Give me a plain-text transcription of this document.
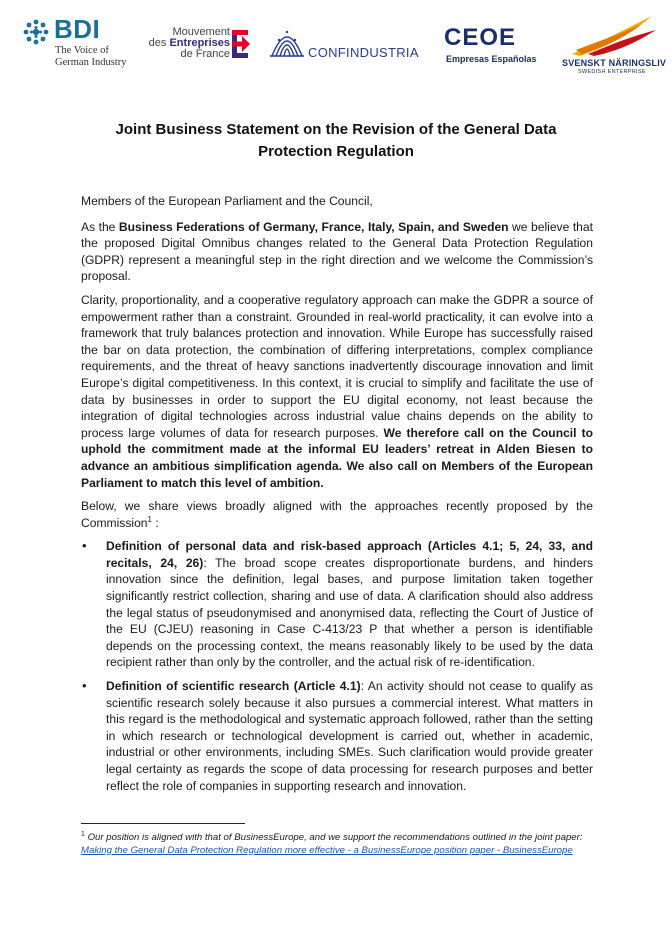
BDI
The Voice of
German Industry
Mouvement
des Entreprises
de France	CONFINDUSTRIA
CEOE
Empresas Españolas	SVENSKT NÄRINGSLIV
SWEDISH ENTERPRISE
Joint Business Statement on the Revision of the General Data
Protection Regulation

Members of the European Parliament and the Council,

As the Business Federations of Germany, France, Italy, Spain, and Sweden we believe that the proposed Digital Omnibus changes related to the General Data Protection Regulation (GDPR) represent a meaningful step in the right direction and we welcome the Commission’s proposal.

Clarity, proportionality, and a cooperative regulatory approach can make the GDPR a source of empowerment rather than a constraint. Grounded in real-world practicality, it can evolve into a framework that truly balances protection and innovation. While Europe has successfully raised the bar on data protection, the combination of differing interpretations, complex compliance requirements, and the threat of heavy sanctions inadvertently discourage innovation and limit Europe’s digital competitiveness. In this context, it is crucial to simplify and facilitate the use of data by businesses in order to support the EU digital economy, not least because the integration of digital technologies across industrial value chains depends on the ability to process large volumes of data for research purposes. We therefore call on the Council to uphold the commitment made at the informal EU leaders’ retreat in Alden Biesen to advance an ambitious simplification agenda. We also call on Members of the European Parliament to match this level of ambition.

Below, we share views broadly aligned with the approaches recently proposed by the Commission$^1$ :

• Definition of personal data and risk-based approach (Articles 4.1; 5, 24, 33, and recitals, 24, 26): The broad scope creates disproportionate burdens, and hinders innovation since the definition, legal bases, and purpose limitation taken together significantly restrict collection, sharing and use of data. A clarification should also address the legal status of pseudonymised and anonymised data, reflecting the Court of Justice of the EU (CJEU) reasoning in Case C-413/23 P that whether a person is identifiable depends on the processing context, the means reasonably likely to be used by the data recipient rather than only by the controller, and the actual risk of re-identification.
• Definition of scientific research (Article 4.1): An activity should not cease to qualify as scientific research solely because it also pursues a commercial interest. What matters in this regard is the methodological and systematic approach followed, rather than the setting in which research or technological development is carried out, whether in academic, industrial or other environments, including SMEs. Such clarification would provide greater legal certainty as regards the scope of data processing for research purposes and better reflect the role of companies in supporting research and innovation.
$^1$ Our position is aligned with that of BusinessEurope, and we support the recommendations outlined in the joint paper: Making the General Data Protection Regulation more effective - a BusinessEurope position paper - BusinessEurope
